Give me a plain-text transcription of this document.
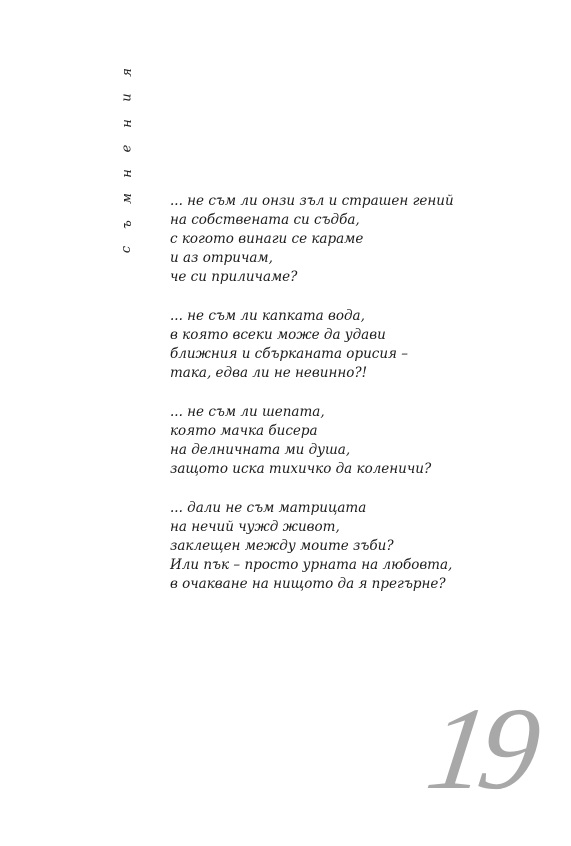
я
и
н
е
н
м
ъ
с
... не съм ли онзи зъл и страшен гений
на собствената си съдба,
с когото винаги се караме
и аз отричам,
че си приличаме?
... не съм ли капката вода,
в която всеки може да удави
ближния и сбърканата орисия –
така, едва ли не невинно?!
... не съм ли шепата,
която мачка бисера
на делничната ми душа,
защото иска тихичко да коленичи?
... дали не съм матрицата
на нечий чужд живот,
заклещен между моите зъби?
Или пък – просто урната на любовта,
в очакване на нищото да я прегърне?
19
